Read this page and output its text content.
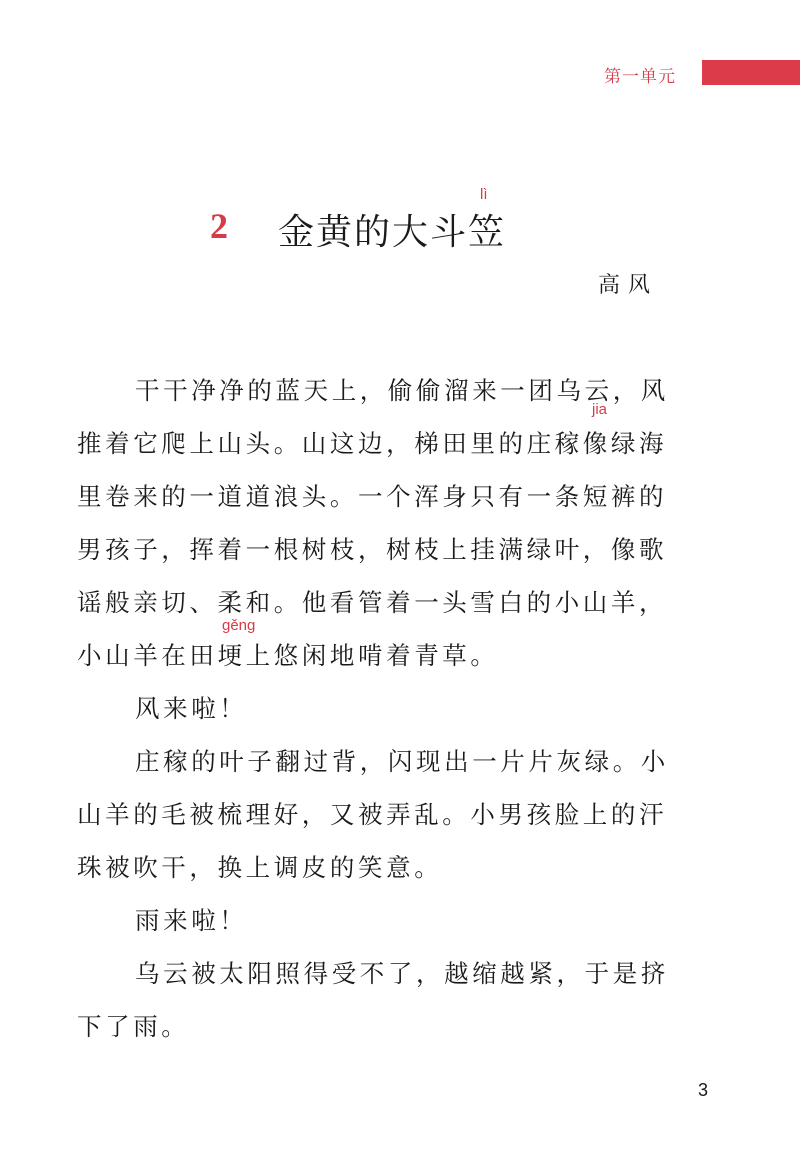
第一单元
2
lì
金黄的大斗笠
高风
jia
gěng
干干净净的蓝天上，偷偷溜来一团乌云，风
推着它爬上山头。山这边，梯田里的庄稼像绿海
里卷来的一道道浪头。一个浑身只有一条短裤的
男孩子，挥着一根树枝，树枝上挂满绿叶，像歌
谣般亲切、柔和。他看管着一头雪白的小山羊，
小山羊在田埂上悠闲地啃着青草。
风来啦！
庄稼的叶子翻过背，闪现出一片片灰绿。小
山羊的毛被梳理好，又被弄乱。小男孩脸上的汗
珠被吹干，换上调皮的笑意。
雨来啦！
乌云被太阳照得受不了，越缩越紧，于是挤
下了雨。
3
